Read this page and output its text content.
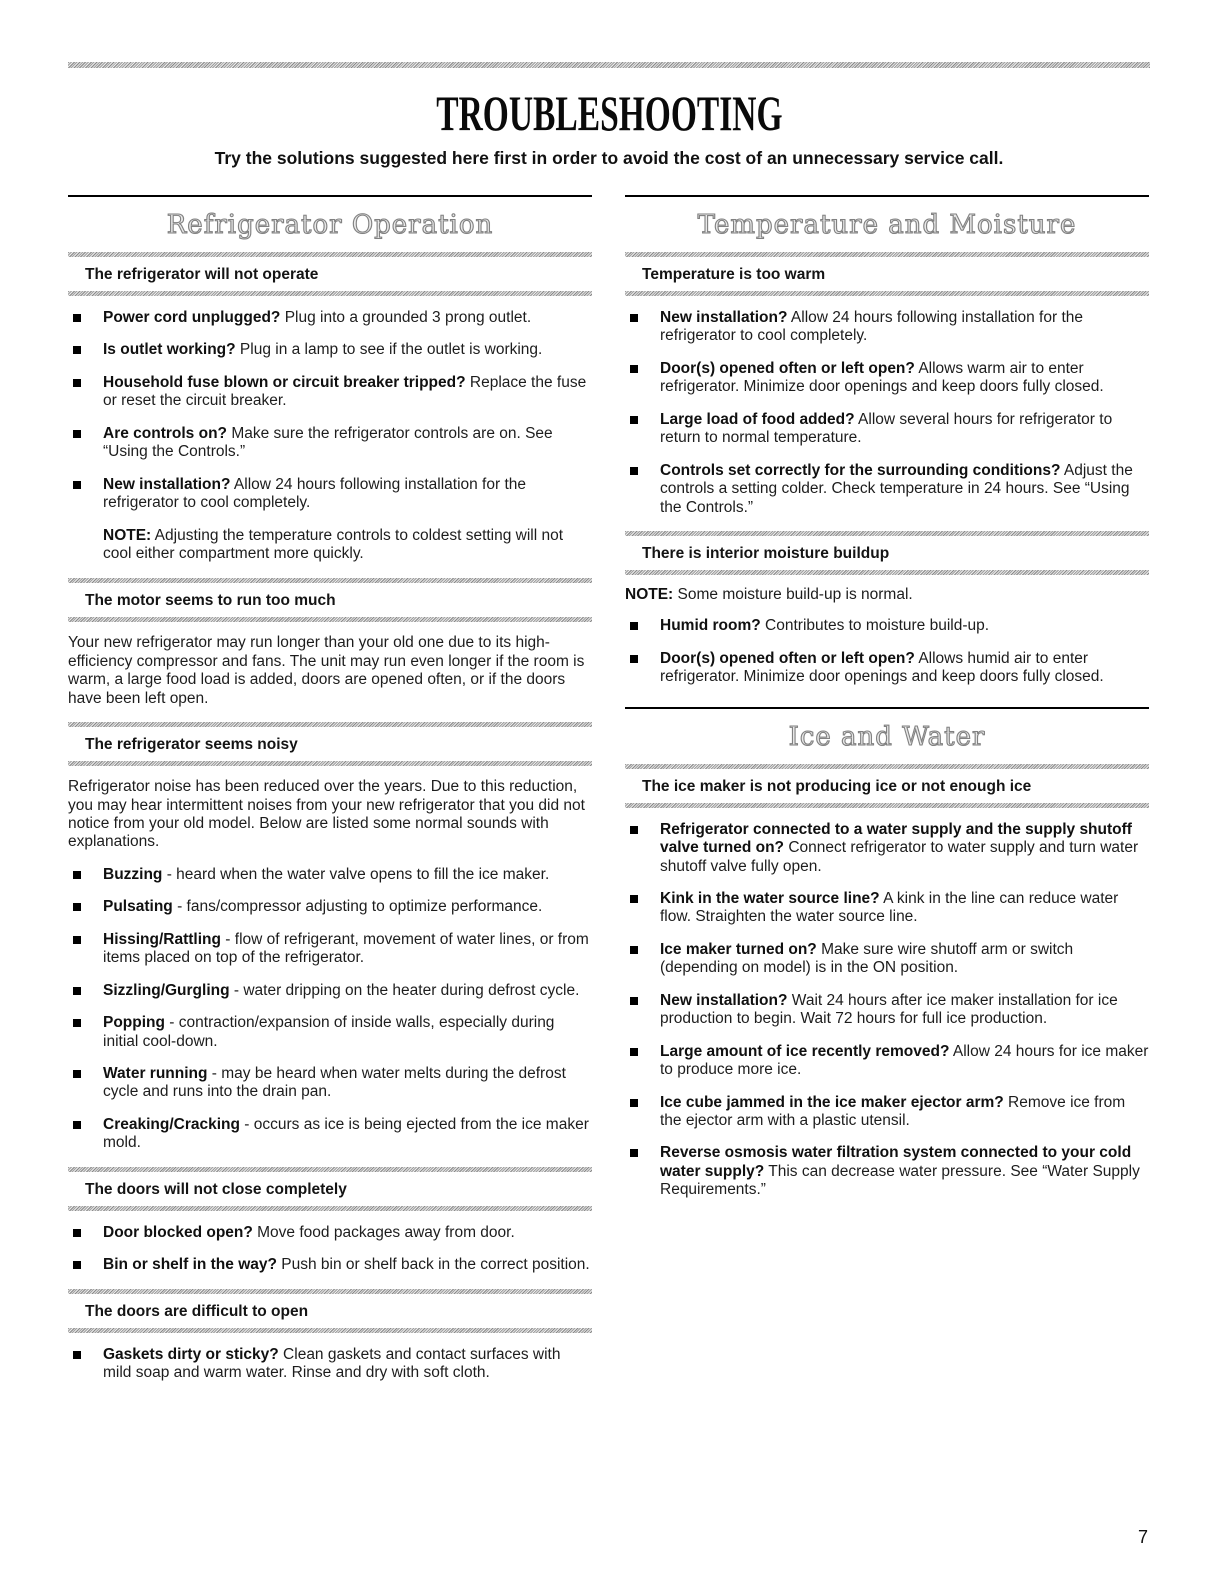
TROUBLESHOOTING
Try the solutions suggested here first in order to avoid the cost of an unnecessary service call.
Refrigerator Operation
The refrigerator will not operate
Power cord unplugged? Plug into a grounded 3 prong outlet.
Is outlet working? Plug in a lamp to see if the outlet is working.
Household fuse blown or circuit breaker tripped? Replace the fuse or reset the circuit breaker.
Are controls on? Make sure the refrigerator controls are on. See “Using the Controls.”
New installation? Allow 24 hours following installation for the refrigerator to cool completely.

NOTE: Adjusting the temperature controls to coldest setting will not cool either compartment more quickly.

The motor seems to run too much

Your new refrigerator may run longer than your old one due to its high-efficiency compressor and fans. The unit may run even longer if the room is warm, a large food load is added, doors are opened often, or if the doors have been left open.

The refrigerator seems noisy

Refrigerator noise has been reduced over the years. Due to this reduction, you may hear intermittent noises from your new refrigerator that you did not notice from your old model. Below are listed some normal sounds with explanations.

Buzzing - heard when the water valve opens to fill the ice maker.
Pulsating - fans/compressor adjusting to optimize performance.
Hissing/Rattling - flow of refrigerant, movement of water lines, or from items placed on top of the refrigerator.
Sizzling/Gurgling - water dripping on the heater during defrost cycle.
Popping - contraction/expansion of inside walls, especially during initial cool-down.
Water running - may be heard when water melts during the defrost cycle and runs into the drain pan.
Creaking/Cracking - occurs as ice is being ejected from the ice maker mold.
The doors will not close completely
Door blocked open? Move food packages away from door.
Bin or shelf in the way? Push bin or shelf back in the correct position.
The doors are difficult to open
Gaskets dirty or sticky? Clean gaskets and contact surfaces with mild soap and warm water. Rinse and dry with soft cloth.
Temperature and Moisture
Temperature is too warm
New installation? Allow 24 hours following installation for the refrigerator to cool completely.
Door(s) opened often or left open? Allows warm air to enter refrigerator. Minimize door openings and keep doors fully closed.
Large load of food added? Allow several hours for refrigerator to return to normal temperature.
Controls set correctly for the surrounding conditions? Adjust the controls a setting colder. Check temperature in 24 hours. See “Using the Controls.”
There is interior moisture buildup

NOTE: Some moisture build-up is normal.

Humid room? Contributes to moisture build-up.
Door(s) opened often or left open? Allows humid air to enter refrigerator. Minimize door openings and keep doors fully closed.
Ice and Water
The ice maker is not producing ice or not enough ice
Refrigerator connected to a water supply and the supply shutoff valve turned on? Connect refrigerator to water supply and turn water shutoff valve fully open.
Kink in the water source line? A kink in the line can reduce water flow. Straighten the water source line.
Ice maker turned on? Make sure wire shutoff arm or switch (depending on model) is in the ON position.
New installation? Wait 24 hours after ice maker installation for ice production to begin. Wait 72 hours for full ice production.
Large amount of ice recently removed? Allow 24 hours for ice maker to produce more ice.
Ice cube jammed in the ice maker ejector arm? Remove ice from the ejector arm with a plastic utensil.
Reverse osmosis water filtration system connected to your cold water supply? This can decrease water pressure. See “Water Supply Requirements.”
7
